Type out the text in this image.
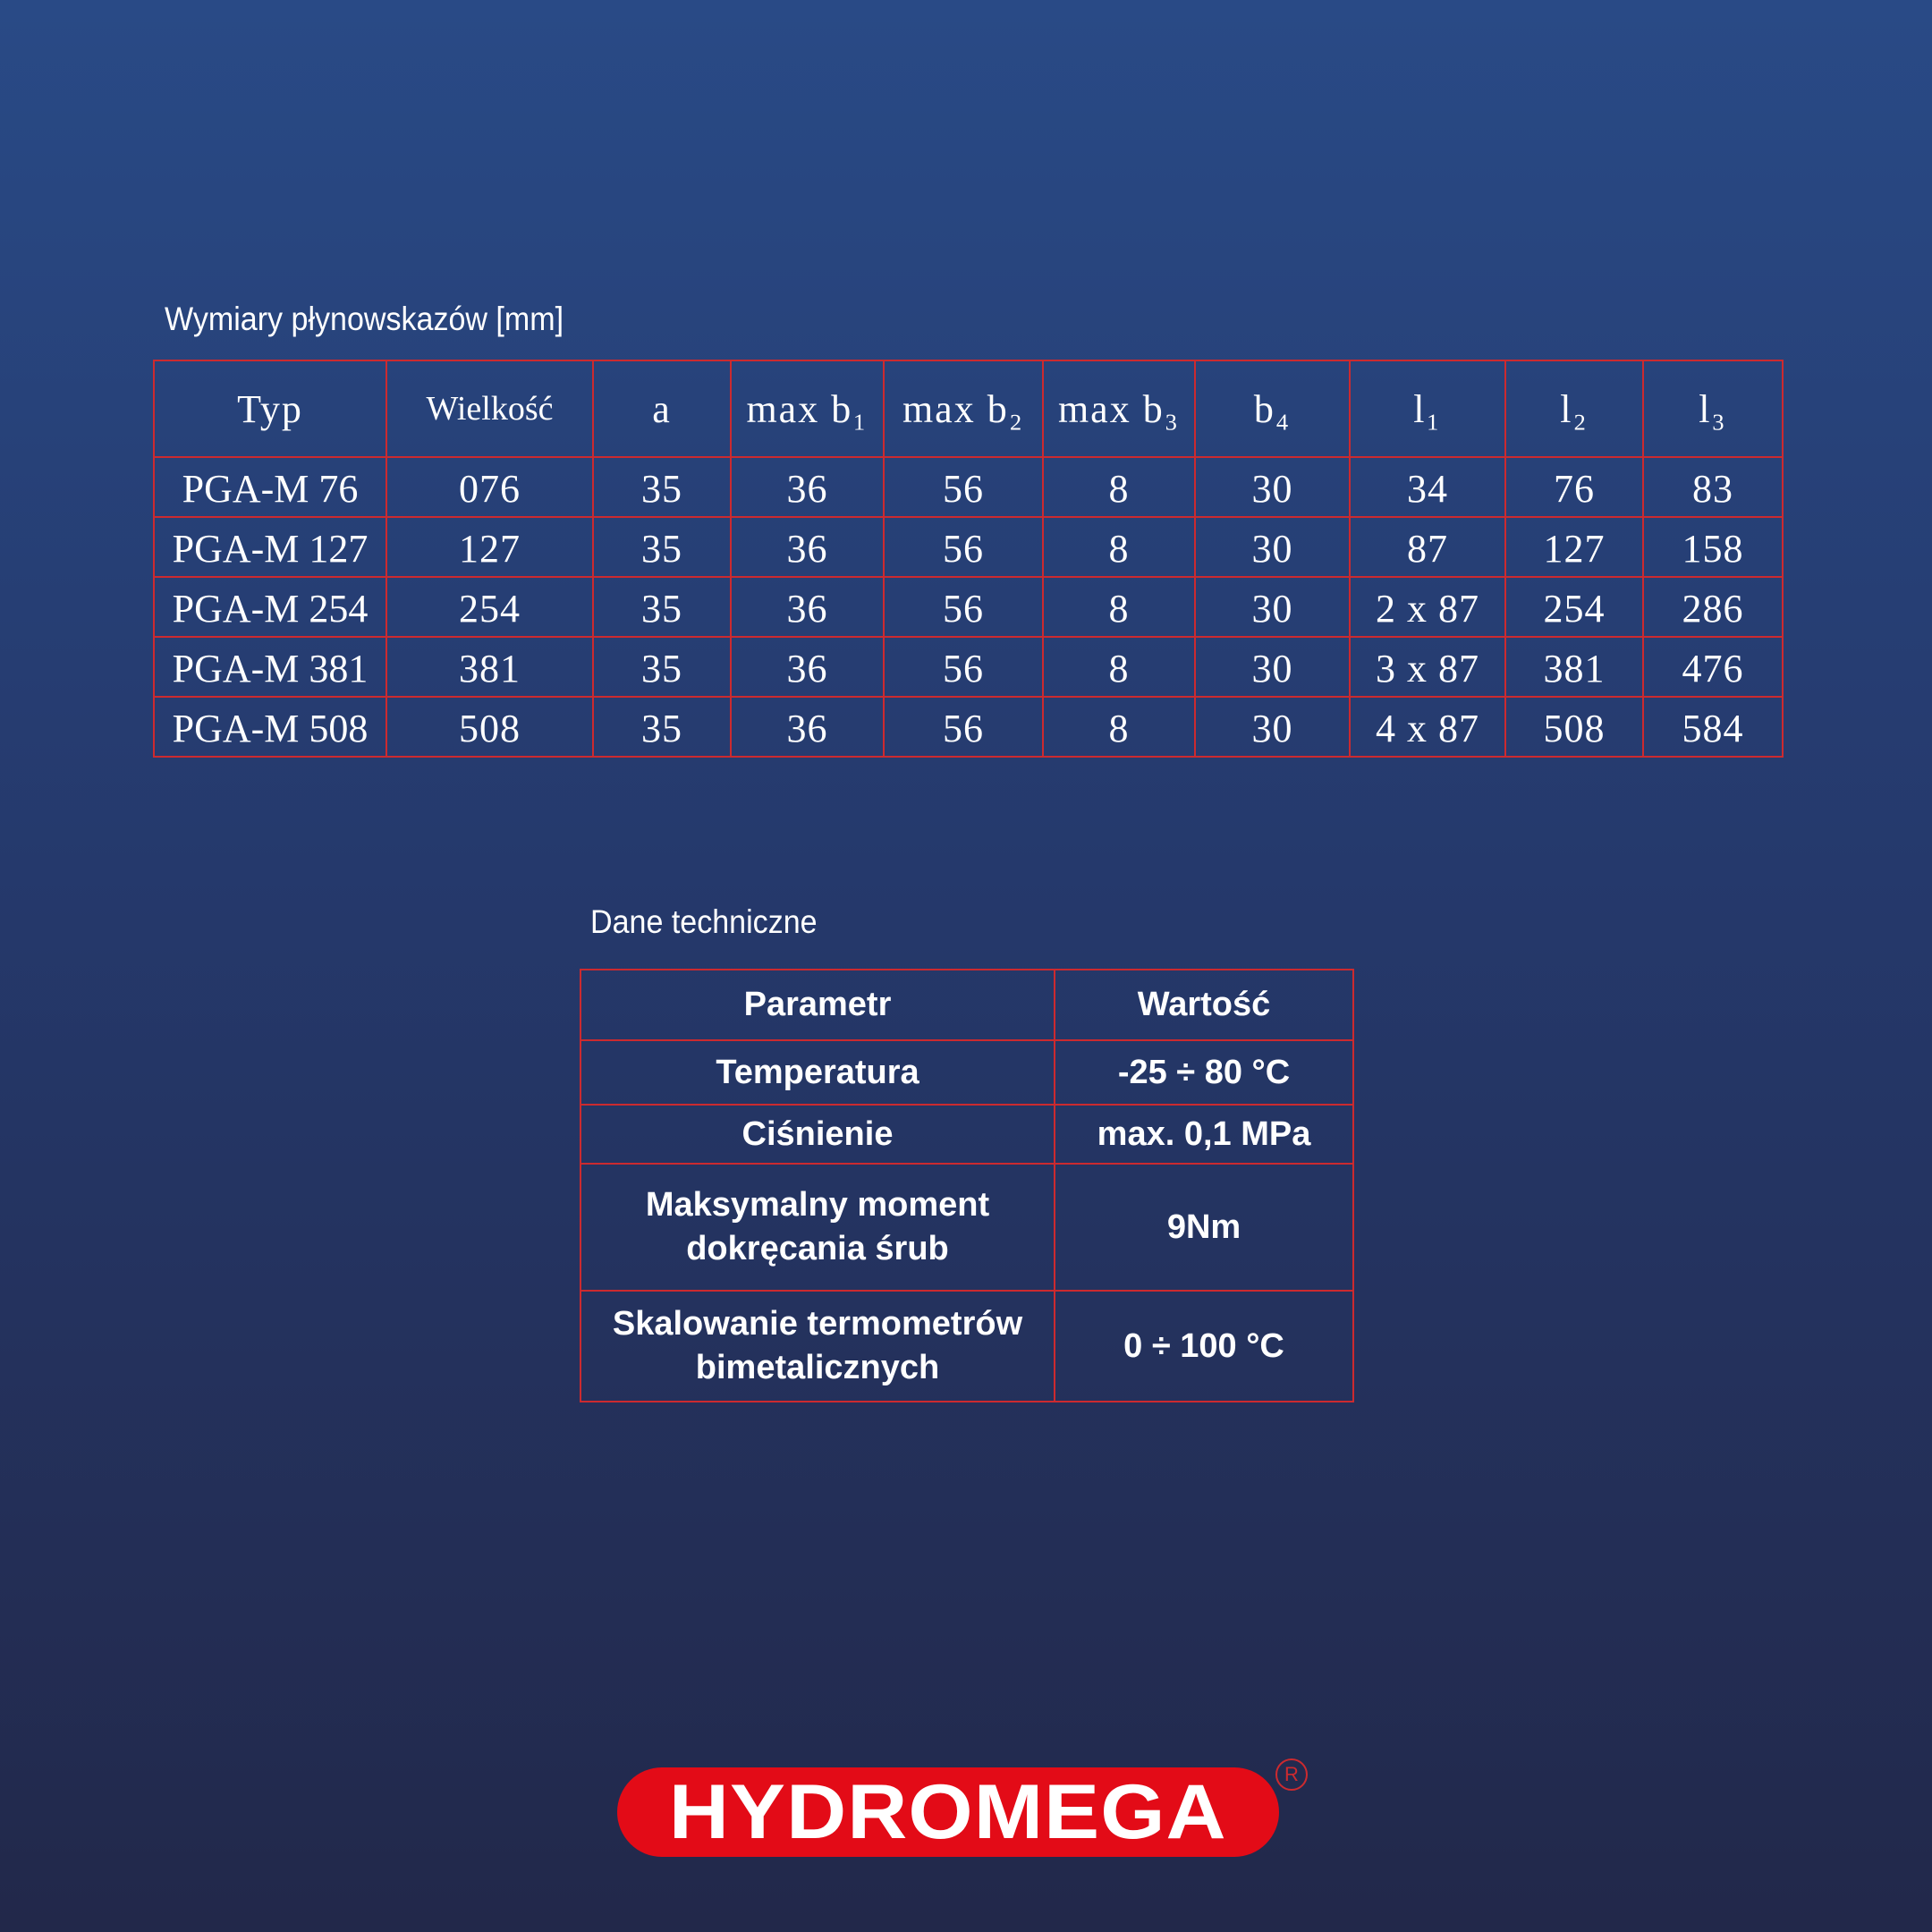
Wymiary płynowskazów [mm]
Typ	Wielkość	a	max b₁	max b₂	max b₃	b₄	l₁	l₂	l₃
PGA-M 76	076	35	36	56	8	30	34	76	83
PGA-M 127	127	35	36	56	8	30	87	127	158
PGA-M 254	254	35	36	56	8	30	2 x 87	254	286
PGA-M 381	381	35	36	56	8	30	3 x 87	381	476
PGA-M 508	508	35	36	56	8	30	4 x 87	508	584
Dane techniczne
Parametr	Wartość

Temperatura	-25 ÷ 80 °C

Ciśnienie	max. 0,1 MPa

Maksymalny moment
dokręcania śrub	9Nm

Skalowanie termometrów
bimetalicznych	0 ÷ 100 °C
HYDROMEGA	R
